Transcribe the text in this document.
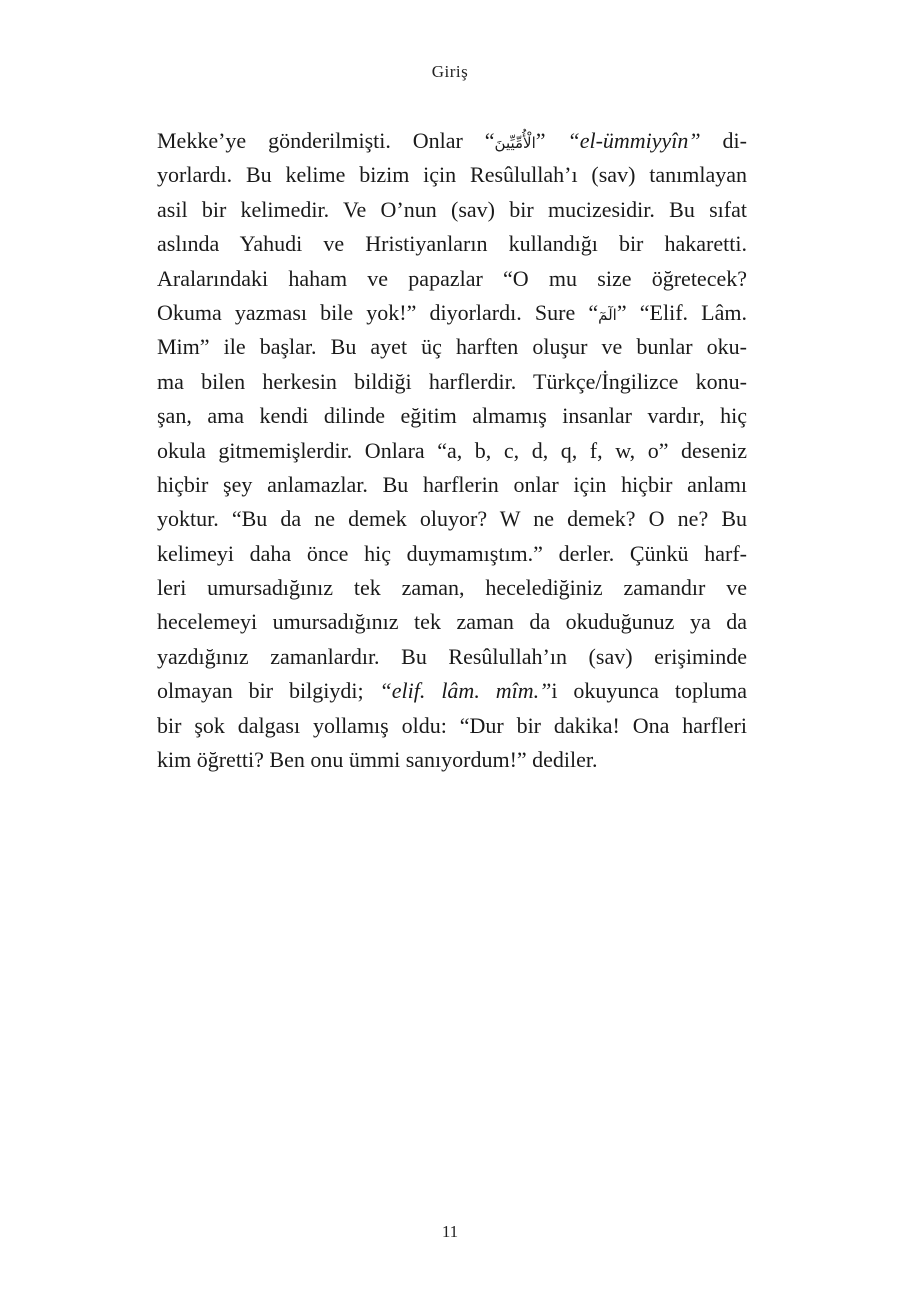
Giriş
Mekke’ye gönderilmişti. Onlar “الْأُمِّيِّينَ” “el-ümmiyyîn” di-
yorlardı. Bu kelime bizim için Resûlullah’ı (sav) tanımlayan
asil bir kelimedir. Ve O’nun (sav) bir mucizesidir. Bu sıfat
aslında Yahudi ve Hristiyanların kullandığı bir hakaretti.
Aralarındaki haham ve papazlar “O mu size öğretecek?
Okuma yazması bile yok!” diyorlardı. Sure “الٓمٓ” “Elif. Lâm.
Mim” ile başlar. Bu ayet üç harften oluşur ve bunlar oku-
ma bilen herkesin bildiği harflerdir. Türkçe/İngilizce konu-
şan, ama kendi dilinde eğitim almamış insanlar vardır, hiç
okula gitmemişlerdir. Onlara “a, b, c, d, q, f, w, o” deseniz
hiçbir şey anlamazlar. Bu harflerin onlar için hiçbir anlamı
yoktur. “Bu da ne demek oluyor? W ne demek? O ne? Bu
kelimeyi daha önce hiç duymamıştım.” derler. Çünkü harf-
leri umursadığınız tek zaman, hecelediğiniz zamandır ve
hecelemeyi umursadığınız tek zaman da okuduğunuz ya da
yazdığınız zamanlardır. Bu Resûlullah’ın (sav) erişiminde
olmayan bir bilgiydi; “elif. lâm. mîm.”i okuyunca topluma
bir şok dalgası yollamış oldu: “Dur bir dakika! Ona harfleri
kim öğretti? Ben onu ümmi sanıyordum!” dediler.
11
